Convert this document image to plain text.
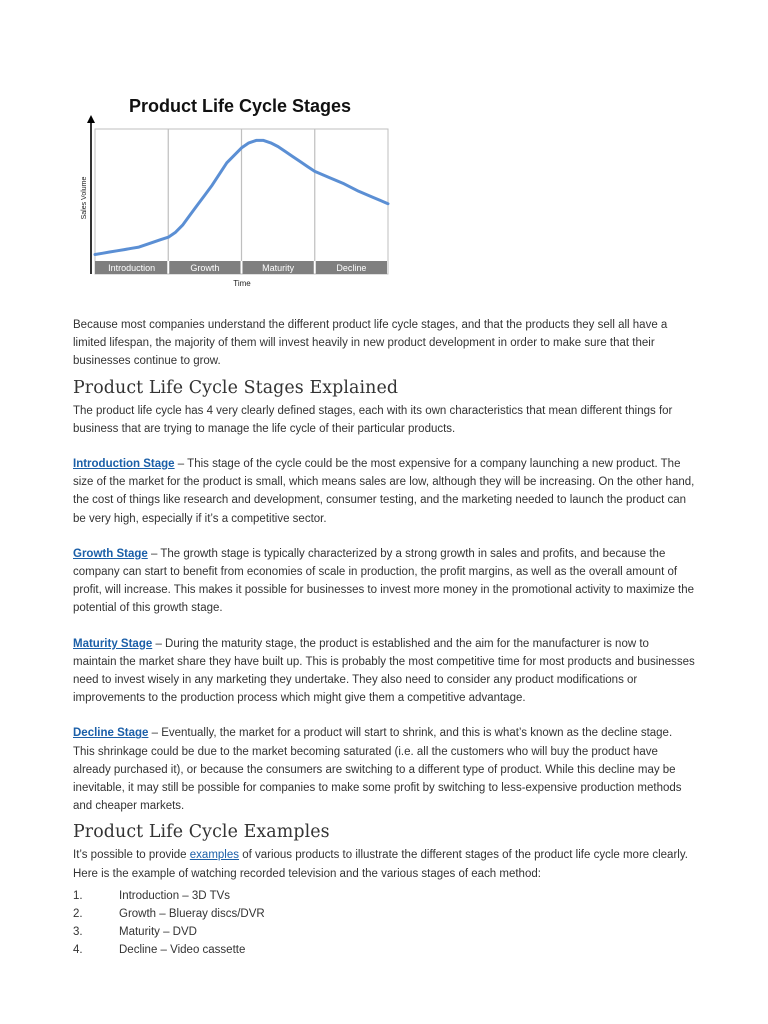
Product Life Cycle Stages
Sales Volume
Introduction	Growth	Maturity	Decline
Time

Because most companies understand the different product life cycle stages, and that the products they sell all have a limited lifespan, the majority of them will invest heavily in new product development in order to make sure that their businesses continue to grow.

Product Life Cycle Stages Explained

The product life cycle has 4 very clearly defined stages, each with its own characteristics that mean different things for business that are trying to manage the life cycle of their particular products.

Introduction Stage – This stage of the cycle could be the most expensive for a company launching a new product. The size of the market for the product is small, which means sales are low, although they will be increasing. On the other hand, the cost of things like research and development, consumer testing, and the marketing needed to launch the product can be very high, especially if it’s a competitive sector.

Growth Stage – The growth stage is typically characterized by a strong growth in sales and profits, and because the company can start to benefit from economies of scale in production, the profit margins, as well as the overall amount of profit, will increase. This makes it possible for businesses to invest more money in the promotional activity to maximize the potential of this growth stage.

Maturity Stage – During the maturity stage, the product is established and the aim for the manufacturer is now to maintain the market share they have built up. This is probably the most competitive time for most products and businesses need to invest wisely in any marketing they undertake. They also need to consider any product modifications or improvements to the production process which might give them a competitive advantage.

Decline Stage – Eventually, the market for a product will start to shrink, and this is what’s known as the decline stage. This shrinkage could be due to the market becoming saturated (i.e. all the customers who will buy the product have already purchased it), or because the consumers are switching to a different type of product. While this decline may be inevitable, it may still be possible for companies to make some profit by switching to less-expensive production methods and cheaper markets.

Product Life Cycle Examples

It’s possible to provide examples of various products to illustrate the different stages of the product life cycle more clearly. Here is the example of watching recorded television and the various stages of each method:

1.	Introduction – 3D TVs
2.	Growth – Blueray discs/DVR
3.	Maturity – DVD
4.	Decline – Video cassette
